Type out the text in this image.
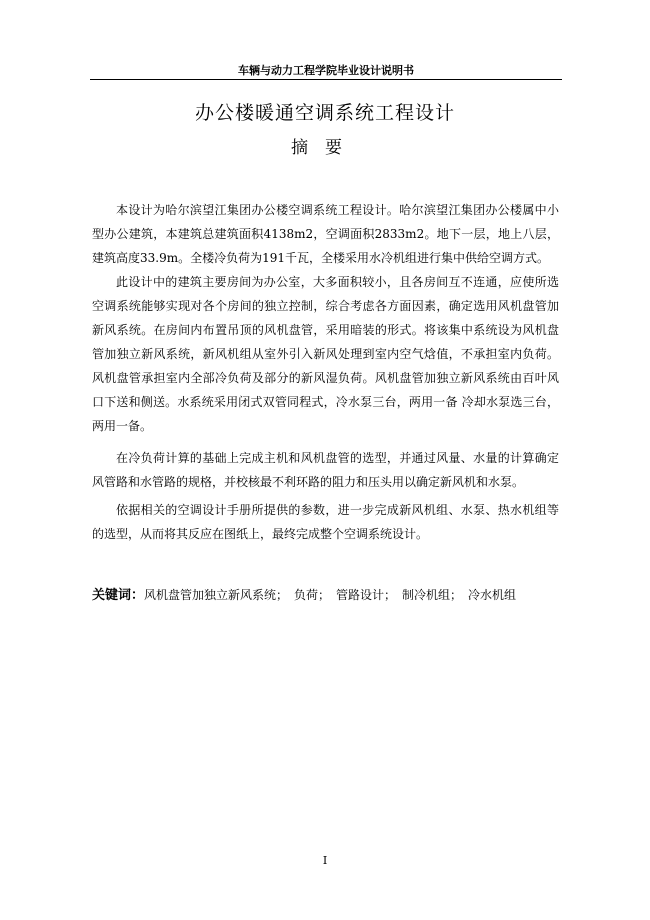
车辆与动力工程学院毕业设计说明书
办公楼暖通空调系统工程设计
摘要

本设计为哈尔滨望江集团办公楼空调系统工程设计。哈尔滨望江集团办公楼属中小型办公建筑，本建筑总建筑面积4138m2，空调面积2833m2。地下一层，地上八层，建筑高度33.9m。全楼冷负荷为191千瓦，全楼采用水冷机组进行集中供给空调方式。

此设计中的建筑主要房间为办公室，大多面积较小，且各房间互不连通，应使所选空调系统能够实现对各个房间的独立控制，综合考虑各方面因素，确定选用风机盘管加新风系统。在房间内布置吊顶的风机盘管，采用暗装的形式。将该集中系统设为风机盘管加独立新风系统，新风机组从室外引入新风处理到室内空气焓值，不承担室内负荷。风机盘管承担室内全部冷负荷及部分的新风湿负荷。风机盘管加独立新风系统由百叶风口下送和侧送。水系统采用闭式双管同程式，冷水泵三台，两用一备 冷却水泵选三台，两用一备。

在冷负荷计算的基础上完成主机和风机盘管的选型，并通过风量、水量的计算确定风管路和水管路的规格，并校核最不利环路的阻力和压头用以确定新风机和水泵。

依据相关的空调设计手册所提供的参数，进一步完成新风机组、水泵、热水机组等的选型，从而将其反应在图纸上，最终完成整个空调系统设计。

关键词：风机盘管加独立新风系统；　负荷；　管路设计；　制冷机组；　冷水机组
I
